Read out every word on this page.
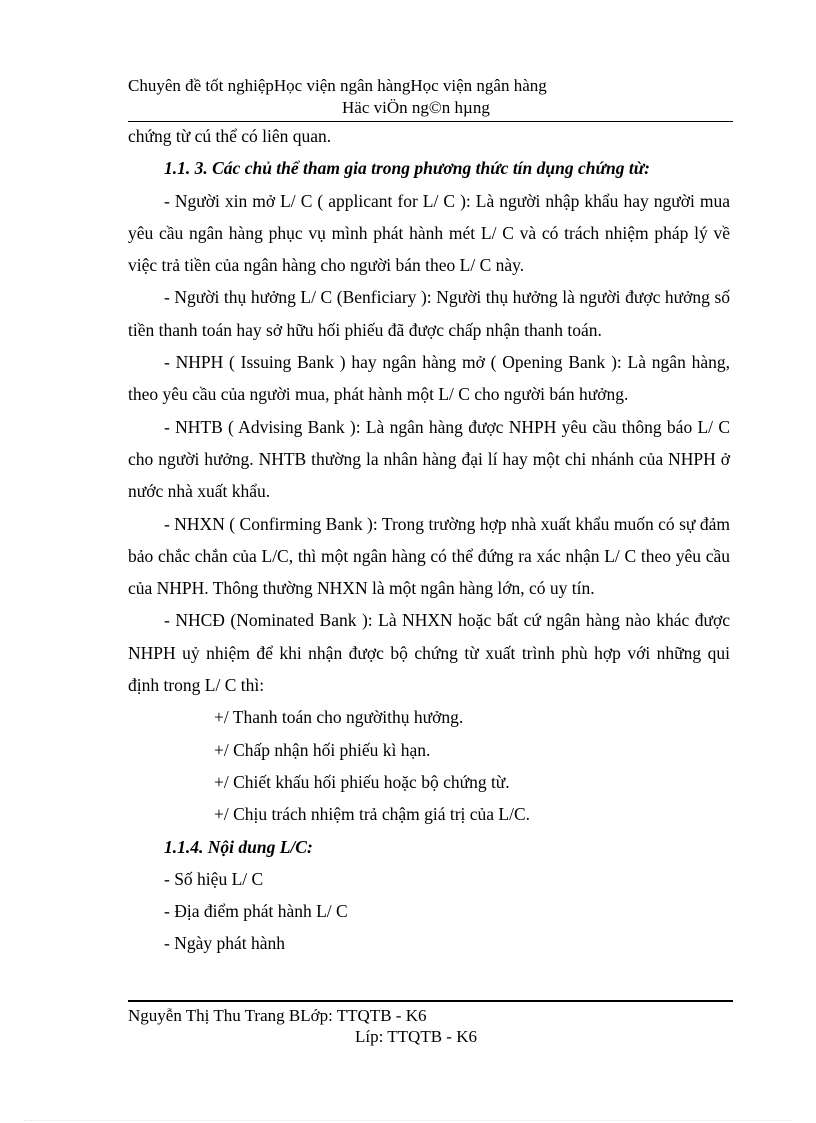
Chuyên đề tốt nghiệpHọc viện ngân hàngHọc viện ngân hàng
Häc viÖn ng©n hµng

chứng từ cú thể có liên quan.

1.1. 3. Các chủ thể tham gia trong phương thức tín dụng chứng từ:

- Người xin mở L/ C ( applicant for L/ C ): Là người nhập khẩu hay người mua yêu cầu ngân hàng phục vụ mình phát hành mét L/ C và có trách nhiệm pháp lý về việc trả tiền của ngân hàng cho người bán theo L/ C này.

- Người thụ hưởng L/ C (Benficiary ): Người thụ hưởng là người được hưởng số tiền thanh toán hay sở hữu hối phiếu đã được chấp nhận thanh toán.

- NHPH ( Issuing Bank ) hay ngân hàng mở ( Opening Bank ): Là ngân hàng, theo yêu cầu của người mua, phát hành một L/ C cho người bán hưởng.

- NHTB ( Advising Bank ): Là ngân hàng được NHPH yêu cầu thông báo L/ C cho người hưởng. NHTB thường la nhân hàng đại lí hay một chi nhánh của NHPH ở nước nhà xuất khẩu.

- NHXN ( Confirming Bank ): Trong trường hợp nhà xuất khẩu muốn có sự đảm bảo chắc chắn của L/C, thì một ngân hàng có thể đứng ra xác nhận L/ C theo yêu cầu của NHPH. Thông thường NHXN là một ngân hàng lớn, có uy tín.

- NHCĐ (Nominated Bank ): Là NHXN hoặc bất cứ ngân hàng nào khác được NHPH uỷ nhiệm để khi nhận được bộ chứng từ xuất trình phù hợp với những qui định trong L/ C thì:

+/ Thanh toán cho ngườithụ hưởng.

+/ Chấp nhận hối phiếu kì hạn.

+/ Chiết khấu hối phiếu hoặc bộ chứng từ.

+/ Chịu trách nhiệm trả chậm giá trị của L/C.

1.1.4. Nội dung L/C:

- Số hiệu L/ C

- Địa điểm phát hành L/ C

- Ngày phát hành

Nguyễn Thị Thu Trang BLớp: TTQTB - K6
Líp: TTQTB - K6
